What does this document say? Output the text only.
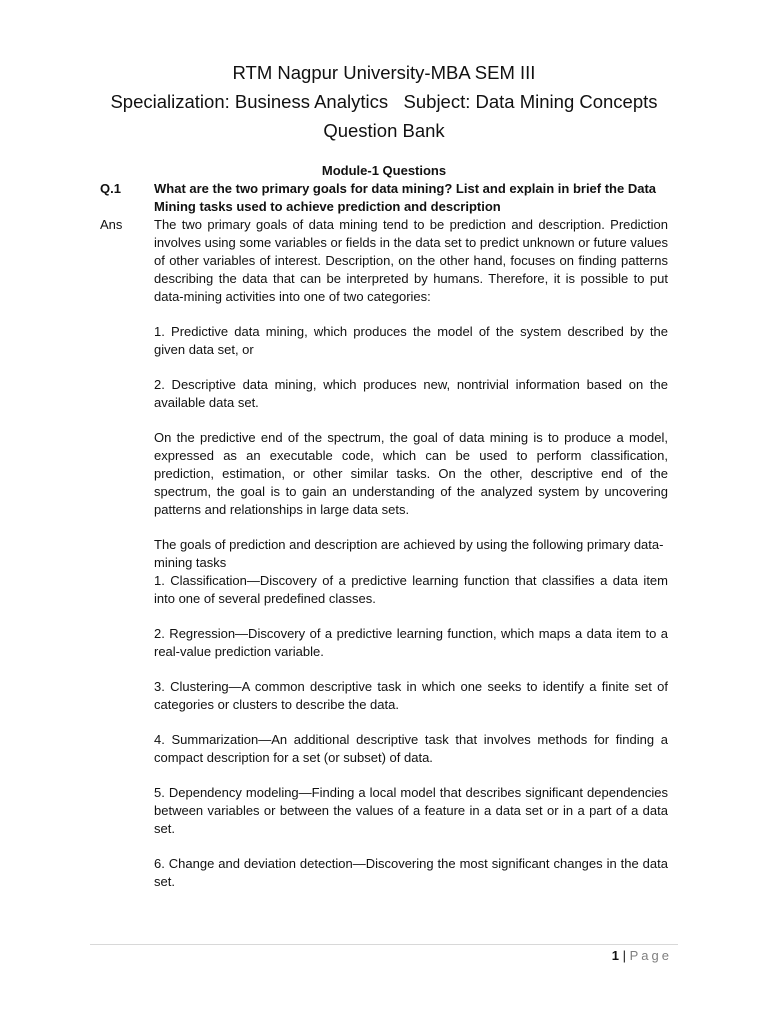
RTM Nagpur University-MBA SEM III
Specialization: Business Analytics   Subject: Data Mining Concepts
Question Bank
Module-1 Questions
Q.1	What are the two primary goals for data mining? List and explain in brief the Data Mining tasks used to achieve prediction and description
Ans The two primary goals of data mining tend to be prediction and description. Prediction involves using some variables or fields in the data set to predict unknown or future values of other variables of interest. Description, on the other hand, focuses on finding patterns describing the data that can be interpreted by humans. Therefore, it is possible to put data-mining activities into one of two categories:

1. Predictive data mining, which produces the model of the system described by the given data set, or

2. Descriptive data mining, which produces new, nontrivial information based on the available data set.

On the predictive end of the spectrum, the goal of data mining is to produce a model, expressed as an executable code, which can be used to perform classification, prediction, estimation, or other similar tasks. On the other, descriptive end of the spectrum, the goal is to gain an understanding of the analyzed system by uncovering patterns and relationships in large data sets.

The goals of prediction and description are achieved by using the following primary data-mining tasks

1. Classification—Discovery of a predictive learning function that classifies a data item into one of several predefined classes.

2. Regression—Discovery of a predictive learning function, which maps a data item to a real-value prediction variable.

3. Clustering—A common descriptive task in which one seeks to identify a finite set of categories or clusters to describe the data.

4. Summarization—An additional descriptive task that involves methods for finding a compact description for a set (or subset) of data.

5. Dependency modeling—Finding a local model that describes significant dependencies between variables or between the values of a feature in a data set or in a part of a data set.

6. Change and deviation detection—Discovering the most significant changes in the data set.

1 | Page
